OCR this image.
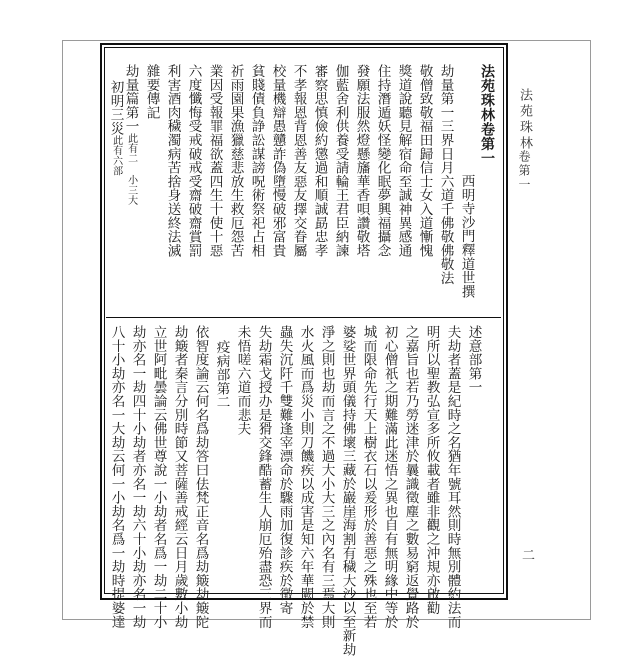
法苑珠林
卷第一
二
法苑珠林卷第一
西明寺沙門釋道世撰
劫量第一三界日月六道千佛敬佛敬法
敬僧致敬福田歸信士女入道慚愧
獎道說聽見解宿命至誠神異感通
住持潛遁妖怪變化眠夢興福攝念
發願法服然燈懸旛華香唄讚敬塔
伽藍舍利供養受請輪王君臣納諫
審察思慎儉約懲過和順誠勗忠孝
不孝報恩背恩善友惡友擇交眷屬
校量機辯愚戇詐偽墮慢破邪富貴
貧賤債負諍訟謀謗呪術祭祀占相
祈雨園果漁獵慈悲放生救厄怨苦
業因受報罪福欲蓋四生十使十惡
六度懺悔受戒破戒受齋破齋賞罰
利害酒肉穢濁病苦捨身送終法滅
雜要傳記
劫量篇第一此有二 小三大
初明三災此有六部
述意部第一
夫劫者蓋是紀時之名猶年號耳然則時無別體約法而
明所以聖教弘宣多所攸載者雖非觀之沖規亦啟勸
之嘉旨也若乃勞迷津於曩識徵塵之數易窮返覺路於
初心僧祇之期難滿此迷悟之異也自有無明緣中等於
城而限命先行天上樹衣石以爰形於善惡之殊也至若
婆娑世界頭儀持佛壞三藏於巖崖海割有穢大沙以至新劫
淨之則也劫而言之不過大小大三之內名有三焉大則
水火風而爲災小則刀饑疾以成害是知六年華闕於禁
蟲失沉阡千雙難逢宰漂命於驟雨加復診疾於徵寄
失劫霜戈授办是猾交鋒酷蓄生人崩厄殆盡恐三界而
未悟嗟六道而悲夫
疫病部第二
依智度論云何名爲劫答曰佉梵正音名爲劫簸劫簸陀
劫簸者秦言分別時節又菩薩善戒經云日月歲數小劫
立世阿毗曇論云佛世尊說一小劫者名爲一劫二十小
劫亦名一劫四十小劫者亦名一劫六十小劫亦名一劫
八十小劫亦名一大劫云何一小劫名爲一劫時提婆達
